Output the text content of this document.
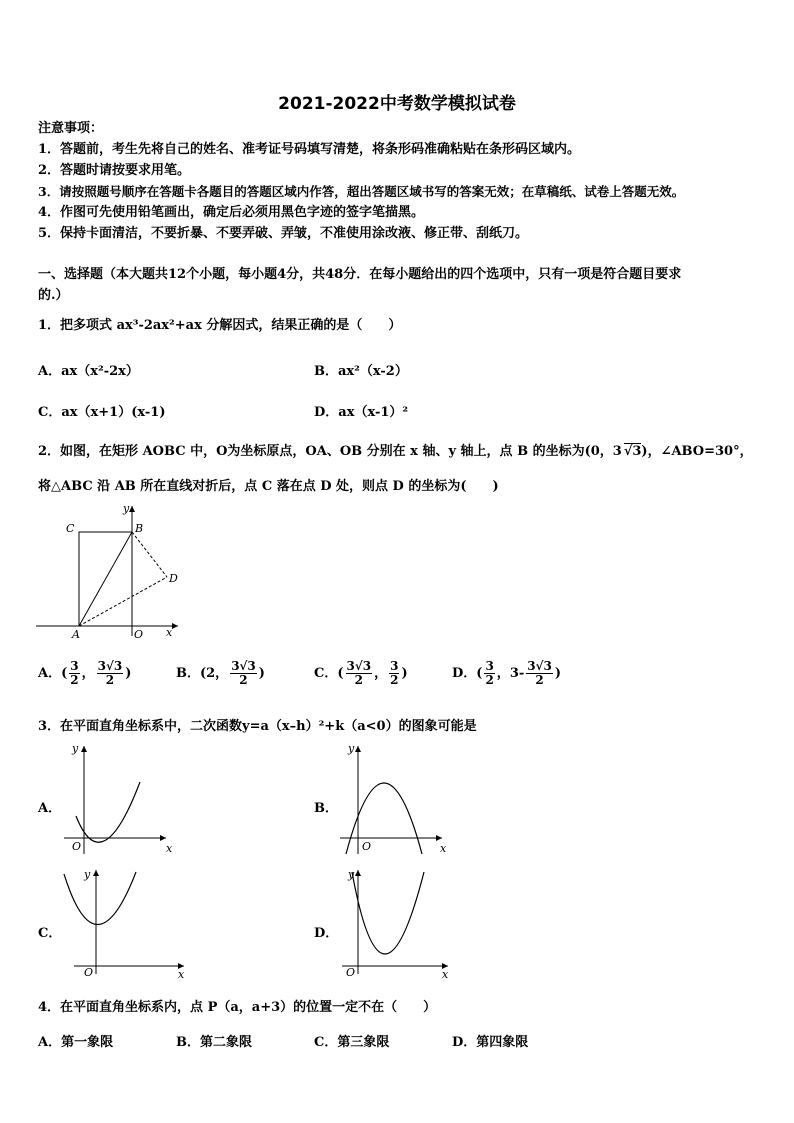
2021-2022中考数学模拟试卷
注意事项：
1．答题前，考生先将自己的姓名、准考证号码填写清楚，将条形码准确粘贴在条形码区域内。
2．答题时请按要求用笔。
3．请按照题号顺序在答题卡各题目的答题区域内作答，超出答题区域书写的答案无效；在草稿纸、试卷上答题无效。
4．作图可先使用铅笔画出，确定后必须用黑色字迹的签字笔描黑。
5．保持卡面清洁，不要折暴、不要弄破、弄皱，不准使用涂改液、修正带、刮纸刀。
一、选择题（本大题共12个小题，每小题4分，共48分．在每小题给出的四个选项中，只有一项是符合题目要求
的.）
1．把多项式 ax³-2ax²+ax 分解因式，结果正确的是（　　）
A．ax（x²-2x）	B．ax²（x-2）
C．ax（x+1）(x-1)	D．ax（x-1）²
2．如图，在矩形 AOBC 中，O为坐标原点，OA、OB 分别在 x 轴、y 轴上，点 B 的坐标为(0，3 √3)，∠ABO=30°，
将△ABC 沿 AB 所在直线对折后，点 C 落在点 D 处，则点 D 的坐标为(　　)
C	B
D
A	O x
y
A．( $\frac{3}{2}$ ， $\frac{3√3}{2}$ )	B．(2， $\frac{3√3}{2}$ )	C．( $\frac{3√3}{2}$ ， $\frac{3}{2}$ )	D．( $\frac{3}{2}$ ，$3- \frac{3√3}{2}$ )
3．在平面直角坐标系中，二次函数y=a（x–h）²+k（a<0）的图象可能是
A．
O	x
y
B．
O	x
y
C．
O	x
y
D．
O	x
y
4．在平面直角坐标系内，点 P（a，a+3）的位置一定不在（　　）
A．第一象限	B．第二象限	C．第三象限	D．第四象限
